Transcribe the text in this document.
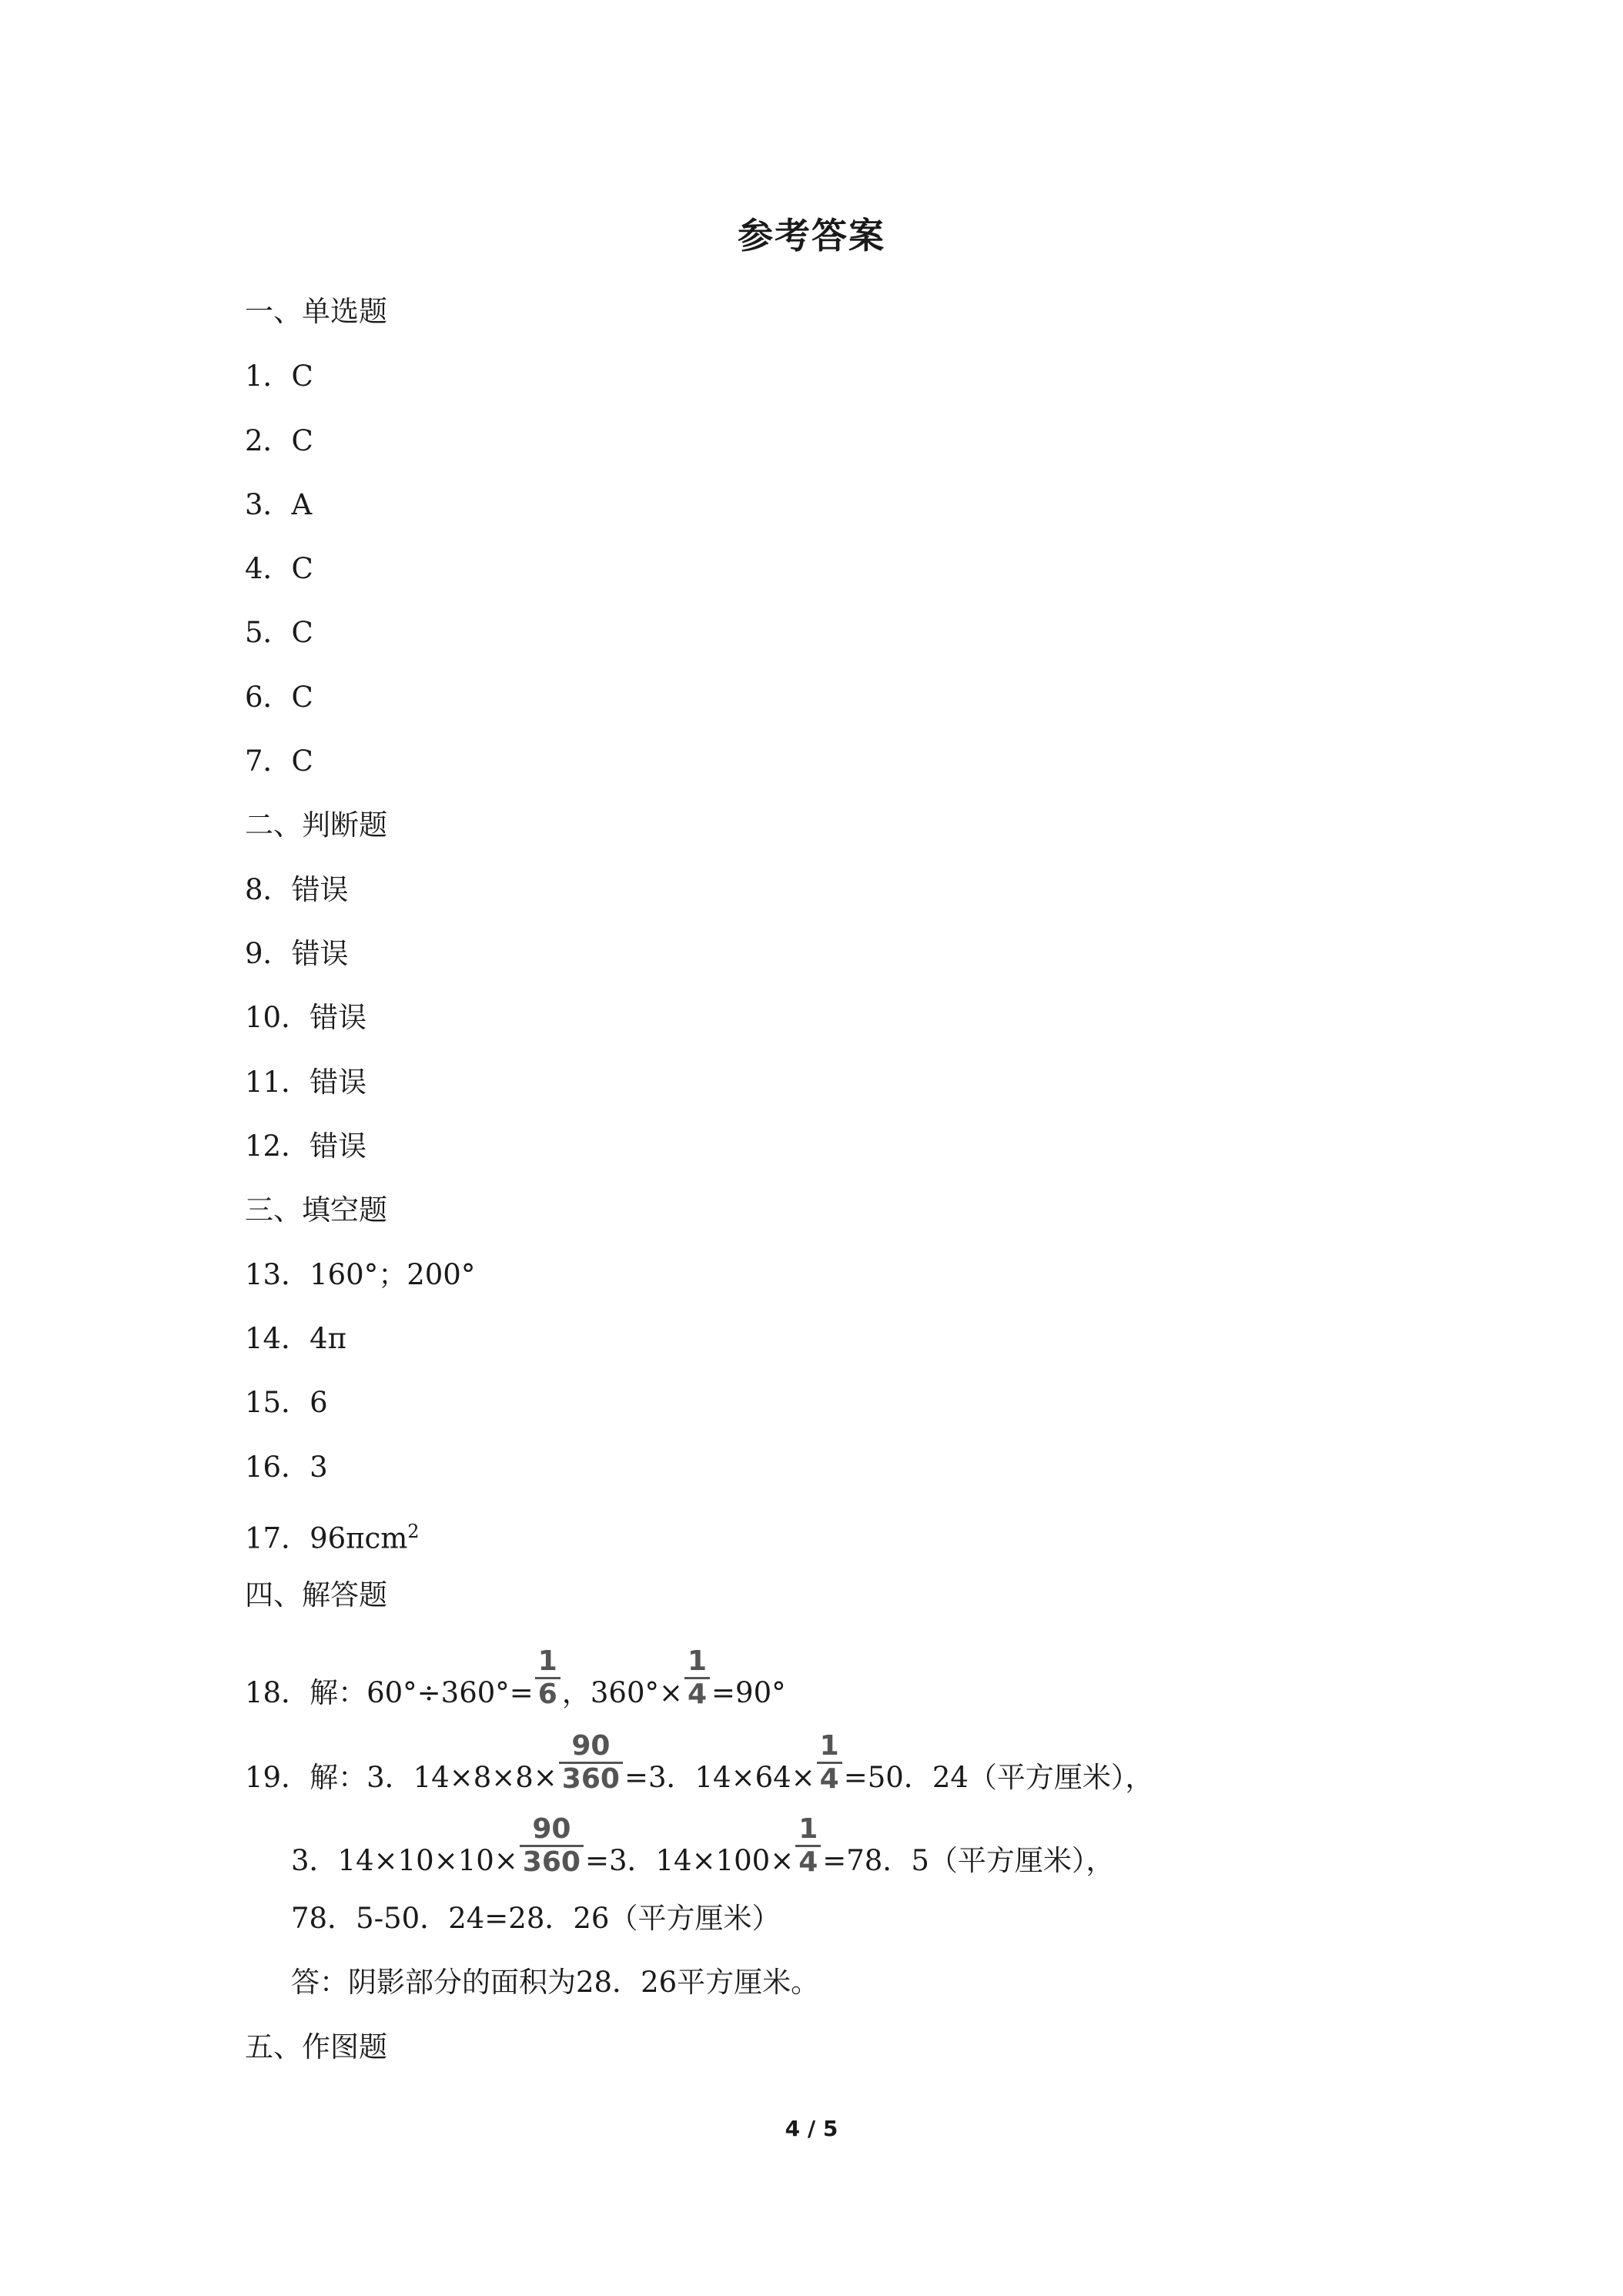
参考答案
一、单选题
1．C
2．C
3．A
4．C
5．C
6．C
7．C
二、判断题
8．错误
9．错误
10．错误
11．错误
12．错误
三、填空题
13．160°；200°
14．4π
15．6
16．3
17．96πcm$^2$
四、解答题
18．解：$60^\circ\div 360^\circ= \frac{1}{6}$ ，$360^\circ\times \frac{1}{4} =90^\circ$
19．解：3．$14\times 8\times 8\times \frac{90}{360} =3$．$14\times 64\times \frac{1}{4} =50$．24（平方厘米），
3．$14\times 10\times 10\times \frac{90}{360} =3$．$14\times 100\times \frac{1}{4} =78$．5（平方厘米），
78．5-50．24=28．26（平方厘米）
答：阴影部分的面积为28．26平方厘米。
五、作图题
4 / 5
